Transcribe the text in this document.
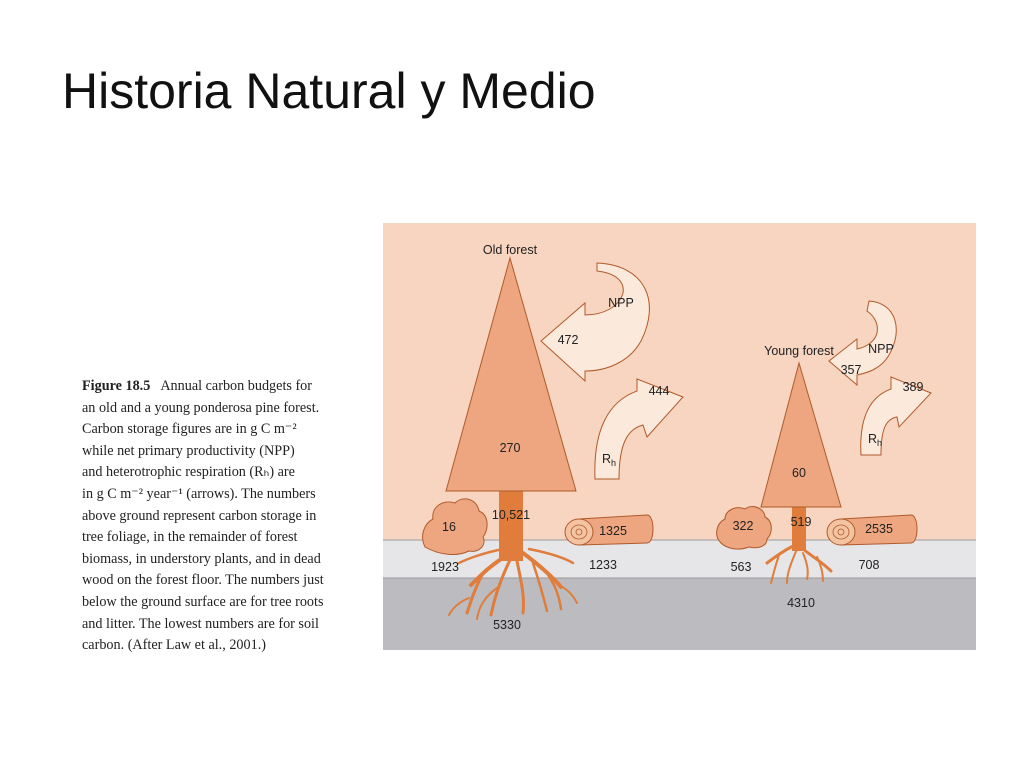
Historia Natural y Medio
Figure 18.5 Annual carbon budgets for
an old and a young ponderosa pine forest.
Carbon storage figures are in g C m⁻²
while net primary productivity (NPP)
and heterotrophic respiration (Rₕ) are
in g C m⁻² year⁻¹ (arrows). The numbers
above ground represent carbon storage in
tree foliage, in the remainder of forest
biomass, in understory plants, and in dead
wood on the forest floor. The numbers just
below the ground surface are for tree roots
and litter. The lowest numbers are for soil
carbon. (After Law et al., 2001.)
Old forest
270
10,521
16	1325
1923	1233
5330
NPP
472
444
$R_h$
Young forest
60
519
322	2535
563	708
4310
NPP
357
389
$R_h$
